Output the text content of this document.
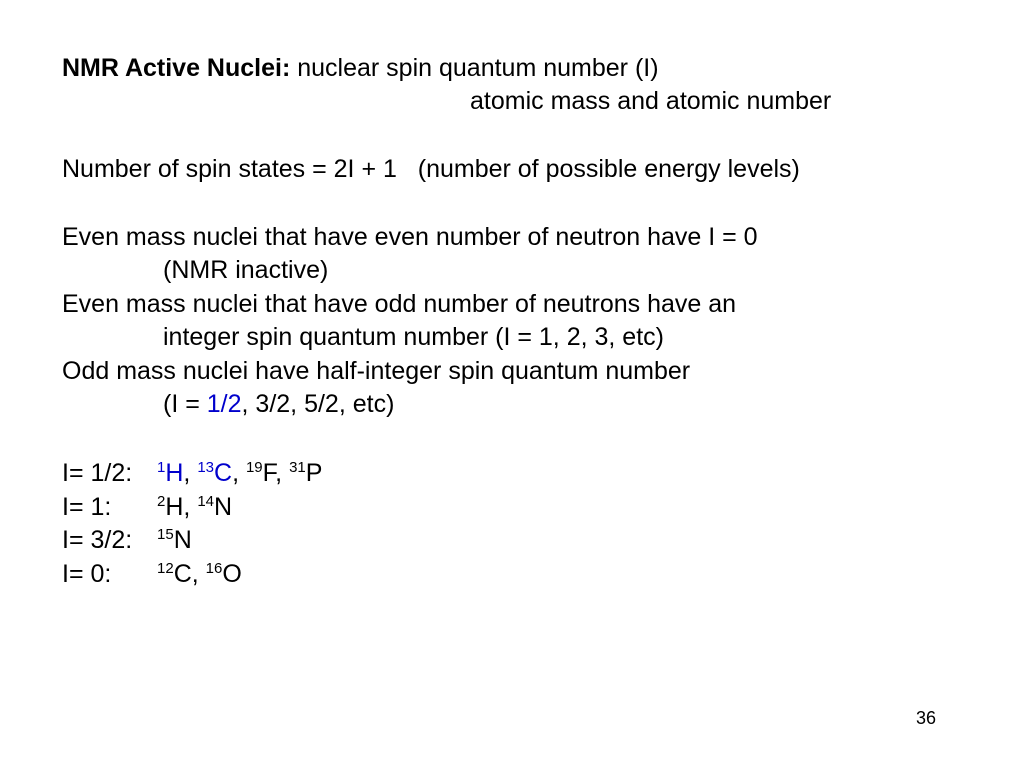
NMR Active Nuclei: nuclear spin quantum number (I)
atomic mass and atomic number
Number of spin states = 2I + 1   (number of possible energy levels)
Even mass nuclei that have even number of neutron have I = 0
(NMR inactive)
Even mass nuclei that have odd number of neutrons have an
integer spin quantum number (I = 1, 2, 3, etc)
Odd mass nuclei have half-integer spin quantum number
(I = 1/2, 3/2, 5/2, etc)
I= 1/2: $^1$H, $^{13}$C, $^{19}$F, $^{31}$P
I= 1:	$^2$H, $^{14}$N
I= 3/2: $^{15}$N
I= 0:	$^{12}$C, $^{16}$O
36
